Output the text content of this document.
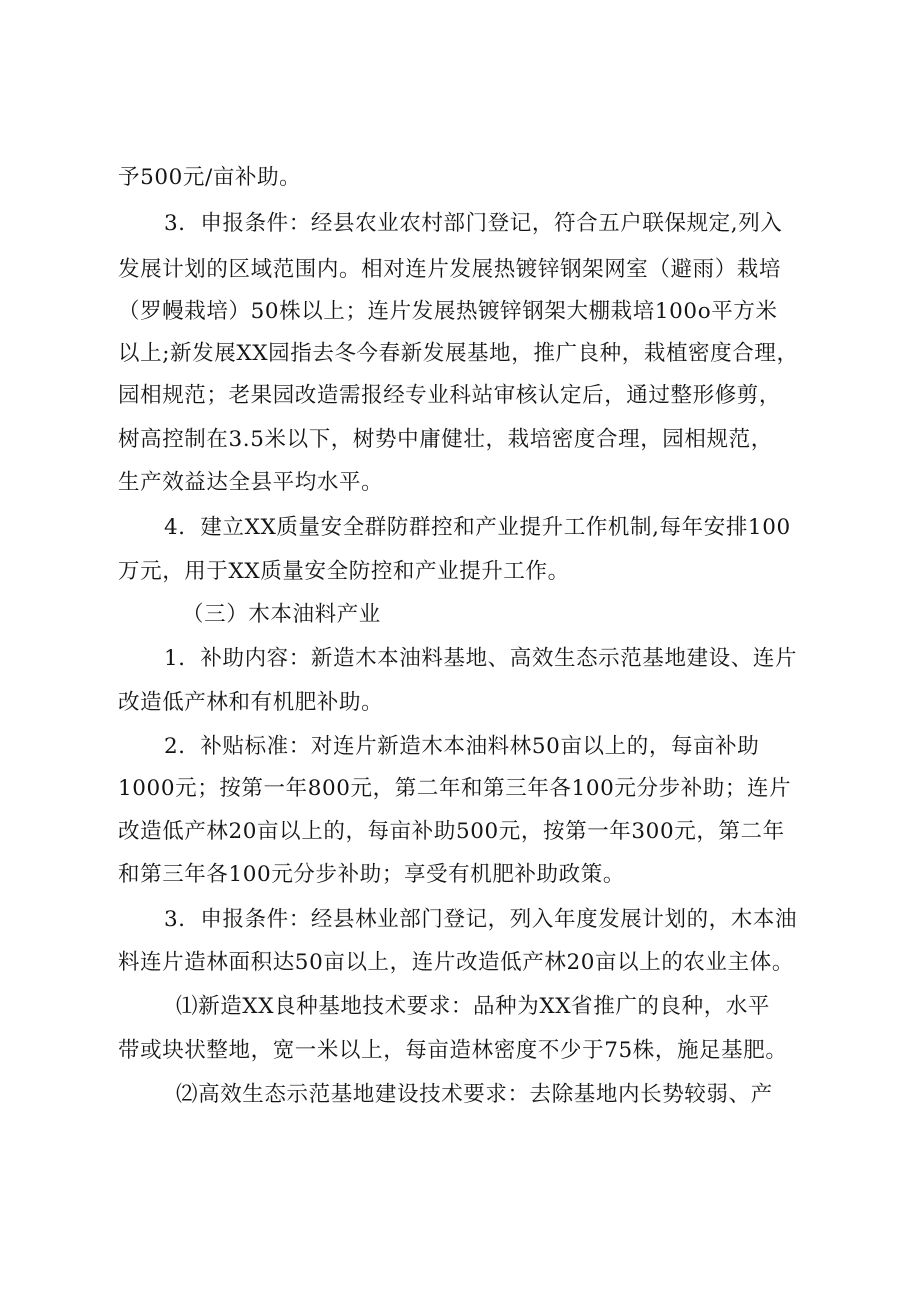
予500元/亩补助。
3．申报条件：经县农业农村部门登记，符合五户联保规定,列入
发展计划的区域范围内。相对连片发展热镀锌钢架网室（避雨）栽培
（罗幔栽培）50株以上；连片发展热镀锌钢架大棚栽培100o平方米
以上;新发展XX园指去冬今春新发展基地，推广良种，栽植密度合理，
园相规范；老果园改造需报经专业科站审核认定后，通过整形修剪，
树高控制在3.5米以下，树势中庸健壮，栽培密度合理，园相规范，
生产效益达全县平均水平。
4．建立XX质量安全群防群控和产业提升工作机制,每年安排100
万元，用于XX质量安全防控和产业提升工作。
（三）木本油料产业
1．补助内容：新造木本油料基地、高效生态示范基地建设、连片
改造低产林和有机肥补助。
2．补贴标准：对连片新造木本油料林50亩以上的，每亩补助
1000元；按第一年800元，第二年和第三年各100元分步补助；连片
改造低产林20亩以上的，每亩补助500元，按第一年300元，第二年
和第三年各100元分步补助；享受有机肥补助政策。
3．申报条件：经县林业部门登记，列入年度发展计划的，木本油
料连片造林面积达50亩以上，连片改造低产林20亩以上的农业主体。
⑴新造XX良种基地技术要求：品种为XX省推广的良种，水平
带或块状整地，宽一米以上，每亩造林密度不少于75株，施足基肥。
⑵高效生态示范基地建设技术要求：去除基地内长势较弱、产
